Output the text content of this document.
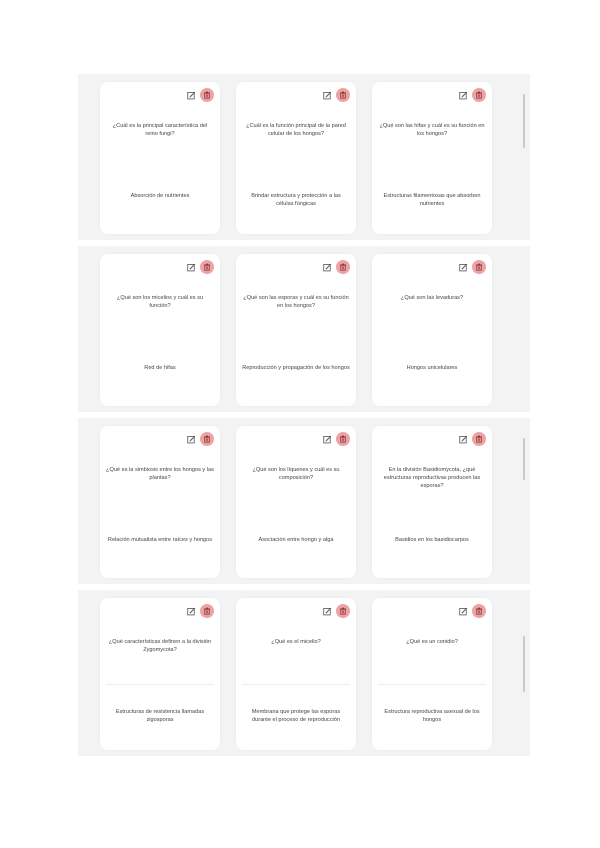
¿Cuál es la principal característica del reino fungi?
Absorción de nutrientes
¿Cuál es la función principal de la pared celular de los hongos?
Brindar estructura y protección a las células fúngicas
¿Qué son las hifas y cuál es su función en los hongos?
Estructuras filamentosas que absorben nutrientes
¿Qué son los micelios y cuál es su función?
Red de hifas
¿Qué son las esporas y cuál es su función en los hongos?
Reproducción y propagación de los hongos
¿Qué son las levaduras?
Hongos unicelulares
¿Qué es la simbiosis entre los hongos y las plantas?
Relación mutualista entre raíces y hongos
¿Qué son los líquenes y cuál es su composición?
Asociación entre hongo y alga
En la división Basidiomycota, ¿qué estructuras reproductivas producen las esporas?
Basidios en los basidiocarpos
¿Qué características definen a la división Zygomycota?
Estructuras de resistencia llamadas zigosporas
¿Qué es el micelio?
Membrana que protege las esporas durante el proceso de reproducción
¿Qué es un conidio?
Estructura reproductiva asexual de los hongos
